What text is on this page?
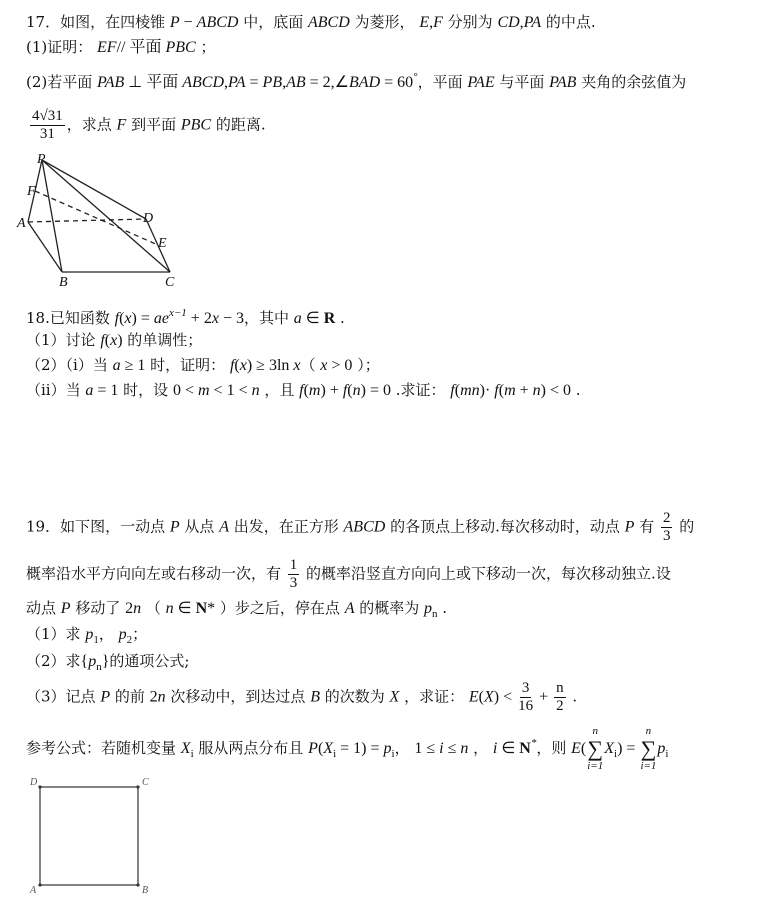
17．如图，在四棱锥 P − ABCD 中，底面 ABCD 为菱形， E,F 分别为 CD,PA 的中点.
(1)证明： EF// 平面 PBC ；
(2)若平面 PAB ⊥ 平面 ABCD,PA = PB,AB = 2,∠BAD = 60°，平面 PAE 与平面 PAB 夹角的余弦值为
$\frac{4√31}{31}$ ，求点 F 到平面 PBC 的距离.
18.已知函数 $f(x) = ae^{x-1} + 2x - 3$，其中 a ∈ R .
（1）讨论 f(x) 的单调性；
（2）（i）当 a ≥ 1 时，证明： f(x) ≥ 3ln x（ x > 0 ）；
（ii）当 a = 1 时，设 0 < m < 1 < n ，且 f(m) + f(n) = 0 .求证： f(mn)· f(m + n) < 0 .
19．如下图，一动点 P 从点 A 出发，在正方形 ABCD 的各顶点上移动.每次移动时，动点 P 有 $\frac{2}{3}$ 的
概率沿水平方向向左或右移动一次，有 $\frac{1}{3}$ 的概率沿竖直方向向上或下移动一次，每次移动独立.设
动点 P 移动了 2n （ n ∈ N* ）步之后，停在点 A 的概率为 $p_n$ .
（1）求 $p_1$， $p_2$；
（2）求$\{p_n\}$的通项公式;
（3）记点 P 的前 2n 次移动中，到达过点 B 的次数为 X ，求证： $E(X) < \frac{3}{16} + \frac{n}{2}$ .
参考公式：若随机变量 $X_i$ 服从两点分布且 $P(X_i = 1) = p_i$， 1 ≤ i ≤ n ， i ∈ N*，则 E(
n
∑
i=1
$X_i$) =
n
∑
i=1
$p_i$
P
F
A	D
E
B	C
D	C
A	B
